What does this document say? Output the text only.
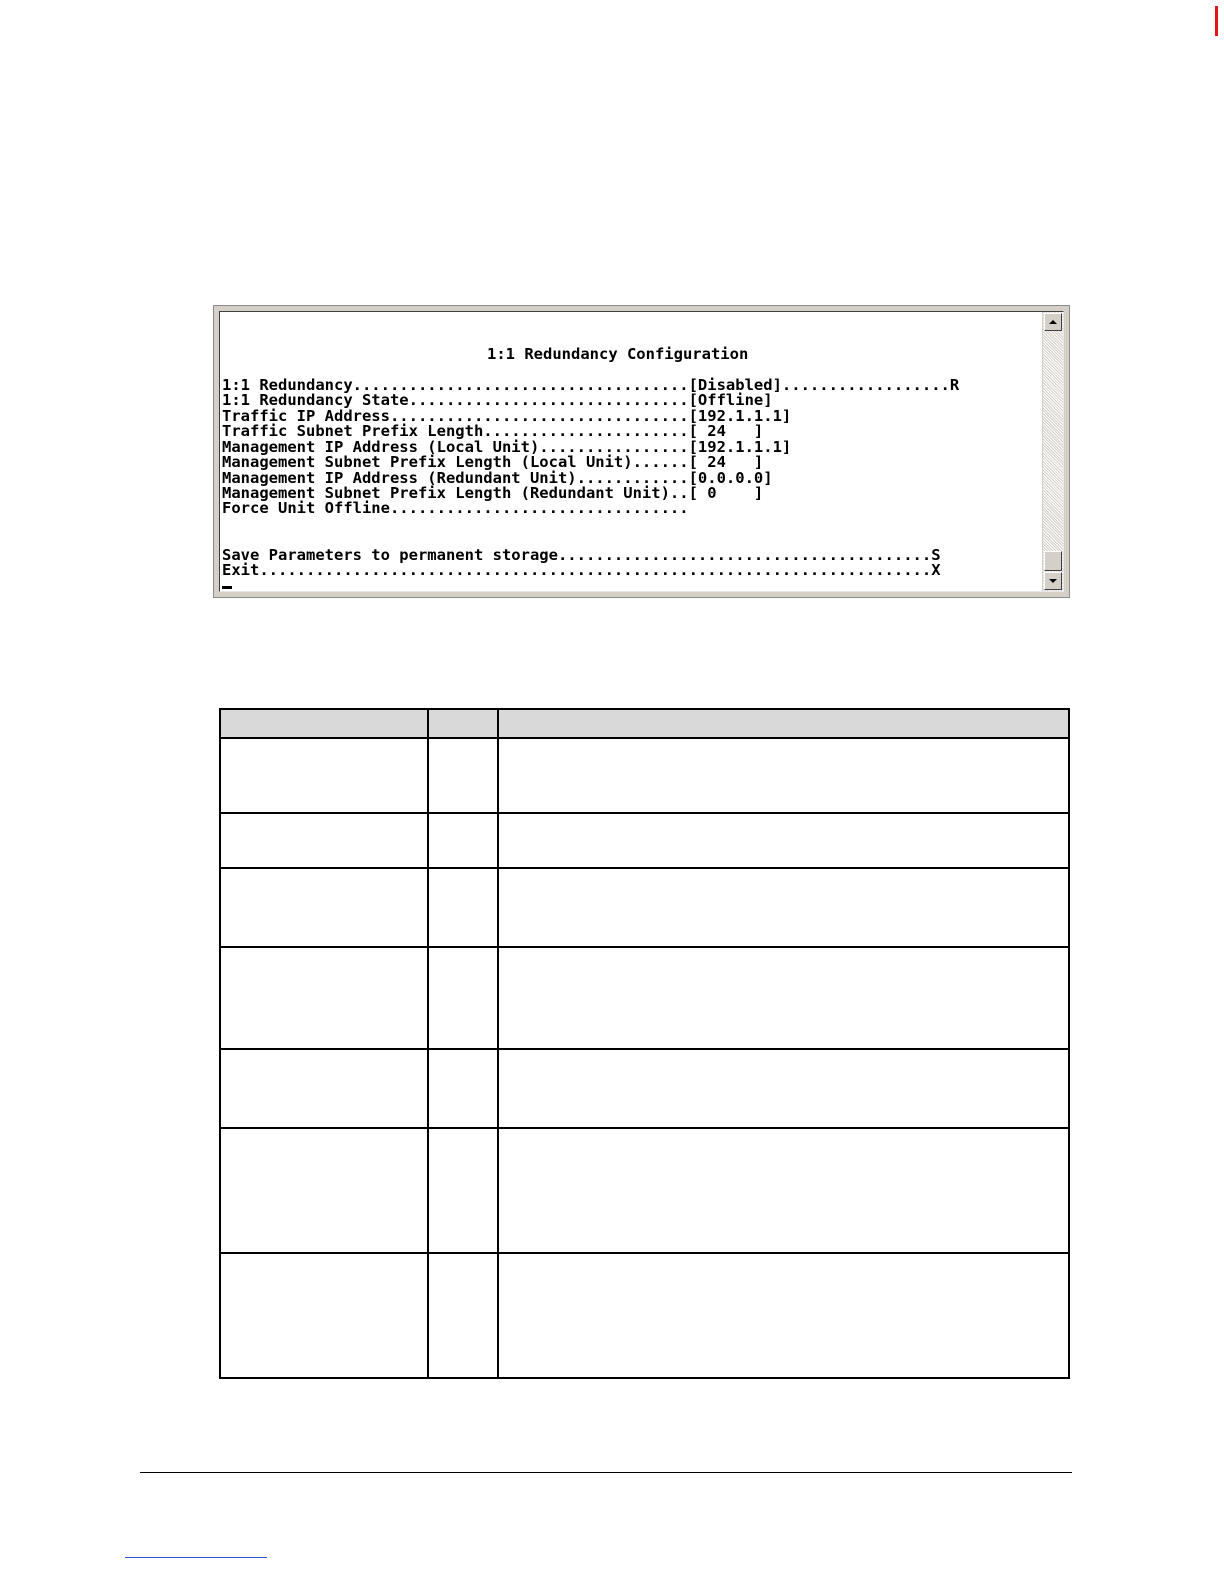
1:1 Redundancy Configuration

1:1 Redundancy....................................[Disabled]..................R

1:1 Redundancy State..............................[Offline]

Traffic IP Address................................[192.1.1.1]

Traffic Subnet Prefix Length......................[ 24   ]

Management IP Address (Local Unit)................[192.1.1.1]

Management Subnet Prefix Length (Local Unit)......[ 24   ]

Management IP Address (Redundant Unit)............[0.0.0.0]

Management Subnet Prefix Length (Redundant Unit)..[ 0    ]

Force Unit Offline................................

Save Parameters to permanent storage........................................S

Exit........................................................................X
